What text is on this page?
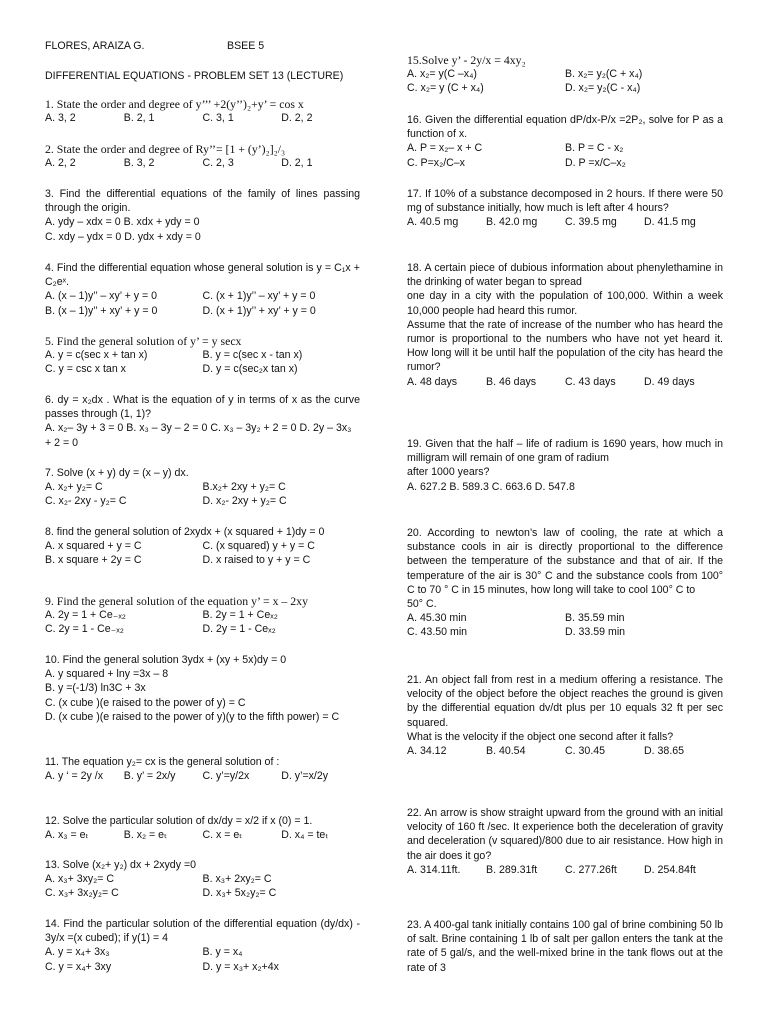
FLORES, ARAIZA G.	BSEE 5
DIFFERENTIAL EQUATIONS - PROBLEM SET 13 (LECTURE)
1. State the order and degree of y’’’ +2(y’’)₂+y’ = cos x
A. 3, 2	B. 2, 1	C. 3, 1	D. 2, 2
2. State the order and degree of Ry’’= [1 + (y’)₂]₂/₃
A. 2, 2	B. 3, 2	C. 2, 3	D. 2, 1
3. Find the differential equations of the family of lines passing through the origin.
A. ydy – xdx = 0 B. xdx + ydy = 0
C. xdy – ydx = 0 D. ydx + xdy = 0
4. Find the differential equation whose general solution is y = C₁x + C₂eˣ.
A. (x – 1)y’’ – xy’ + y = 0	C. (x + 1)y’’ – xy’ + y = 0
B. (x – 1)y’’ + xy’ + y = 0	D. (x + 1)y’’ + xy’ + y = 0
5. Find the general solution of y’ = y secx
A. y = c(sec x + tan x)	B. y = c(sec x - tan x)
C. y = csc x tan x	D. y = c(sec₂x tan x)
6. dy = x₂dx . What is the equation of y in terms of x as the curve passes through (1, 1)?
A. x₂– 3y + 3 = 0 B. x₃ – 3y – 2 = 0 C. x₃ – 3y₂ + 2 = 0 D. 2y – 3x₃ + 2 = 0
7. Solve (x + y) dy = (x – y) dx.
A. x₂+ y₂= C	B.x₂+ 2xy + y₂= C
C. x₂- 2xy - y₂= C	D. x₂- 2xy + y₂= C
8. find the general solution of 2xydx + (x squared + 1)dy = 0
A. x squared + y = C	C. (x squared) y + y = C
B. x square + 2y = C	D. x raised to y + y = C
9. Find the general solution of the equation y’ = x – 2xy
A. 2y = 1 + Ce₋ₓ₂	B. 2y = 1 + Ceₓ₂
C. 2y = 1 - Ce₋ₓ₂	D. 2y = 1 - Ceₓ₂
10. Find the general solution 3ydx + (xy + 5x)dy = 0
A. y squared + lny =3x – 8
B. y =(-1/3) ln3C + 3x
C. (x cube )(e raised to the power of y) = C
D. (x cube )(e raised to the power of y)(y to the fifth power) = C
11. The equation y₂= cx is the general solution of :
A. y ‘ = 2y /x	B. y’ = 2x/y	C. y’=y/2x	D. y’=x/2y
12. Solve the particular solution of dx/dy = x/2 if x (0) = 1.
A. x₃ = eₜ	B. x₂ = eₜ	C. x = eₜ	D. x₄ = teₜ
13. Solve (x₂+ y₂) dx + 2xydy =0
A. x₃+ 3xy₂= C	B. x₃+ 2xy₂= C
C. x₃+ 3x₂y₂= C	D. x₃+ 5x₂y₂= C
14. Find the particular solution of the differential equation (dy/dx) - 3y/x =(x cubed); if y(1) = 4
A. y = x₄+ 3x₃	B. y = x₄
C. y = x₄+ 3xy	D. y = x₃+ x₂+4x
15.Solve y’ - 2y/x = 4xy₂
A. x₂= y(C –x₄)	B. x₂= y₂(C + x₄)
C. x₂= y (C + x₄)	D. x₂= y₂(C - x₄)
16. Given the differential equation dP/dx-P/x =2P₂, solve for P as a function of x.
A. P = x₂– x + C	B. P = C - x₂
C. P=x₂/C–x	D. P =x/C–x₂
17. If 10% of a substance decomposed in 2 hours. If there were 50 mg of substance initially, how much is left after 4 hours?
A. 40.5 mg	B. 42.0 mg	C. 39.5 mg	D. 41.5 mg
18. A certain piece of dubious information about phenylethamine in the drinking of water began to spread
one day in a city with the population of 100,000. Within a week 10,000 people had heard this rumor.
Assume that the rate of increase of the number who has heard the rumor is proportional to the numbers who have not yet heard it. How long will it be until half the population of the city has heard the rumor?
A. 48 days	B. 46 days	C. 43 days	D. 49 days
19. Given that the half – life of radium is 1690 years, how much in milligram will remain of one gram of radium
after 1000 years?
A. 627.2 B. 589.3 C. 663.6 D. 547.8
20. According to newton’s law of cooling, the rate at which a substance cools in air is directly proportional to the difference between the temperature of the substance and that of air. If the temperature of the air is 30° C and the substance cools from 100° C to 70 ° C in 15 minutes, how long will take to cool 100° C to
50° C.
A. 45.30 min	B. 35.59 min
C. 43.50 min	D. 33.59 min
21. An object fall from rest in a medium offering a resistance. The velocity of the object before the object reaches the ground is given by the differential equation dv/dt plus per 10 equals 32 ft per sec squared.
What is the velocity if the object one second after it falls?
A. 34.12	B. 40.54	C. 30.45	D. 38.65
22. An arrow is show straight upward from the ground with an initial velocity of 160 ft /sec. It experience both the deceleration of gravity and deceleration (v squared)/800 due to air resistance. How high in the air does it go?
A. 314.11ft.	B. 289.31ft	C. 277.26ft	D. 254.84ft
23. A 400-gal tank initially contains 100 gal of brine combining 50 lb of salt. Brine containing 1 lb of salt per gallon enters the tank at the rate of 5 gal/s, and the well-mixed brine in the tank flows out at the rate of 3
